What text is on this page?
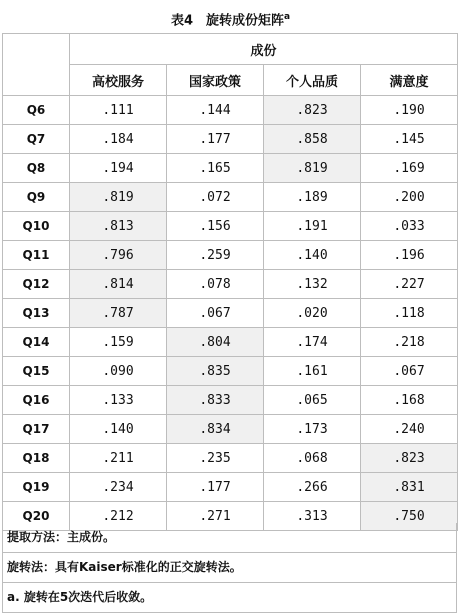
表4　旋转成份矩阵$^a$
	成份			
	高校服务	国家政策	个人品质	满意度
Q6	.111	.144	.823	.190
Q7	.184	.177	.858	.145
Q8	.194	.165	.819	.169
Q9	.819	.072	.189	.200
Q10	.813	.156	.191	.033
Q11	.796	.259	.140	.196
Q12	.814	.078	.132	.227
Q13	.787	.067	.020	.118
Q14	.159	.804	.174	.218
Q15	.090	.835	.161	.067
Q16	.133	.833	.065	.168
Q17	.140	.834	.173	.240
Q18	.211	.235	.068	.823
Q19	.234	.177	.266	.831
Q20	.212	.271	.313	.750
提取方法：主成份。
旋转法：具有Kaiser标准化的正交旋转法。
a. 旋转在5次迭代后收敛。
